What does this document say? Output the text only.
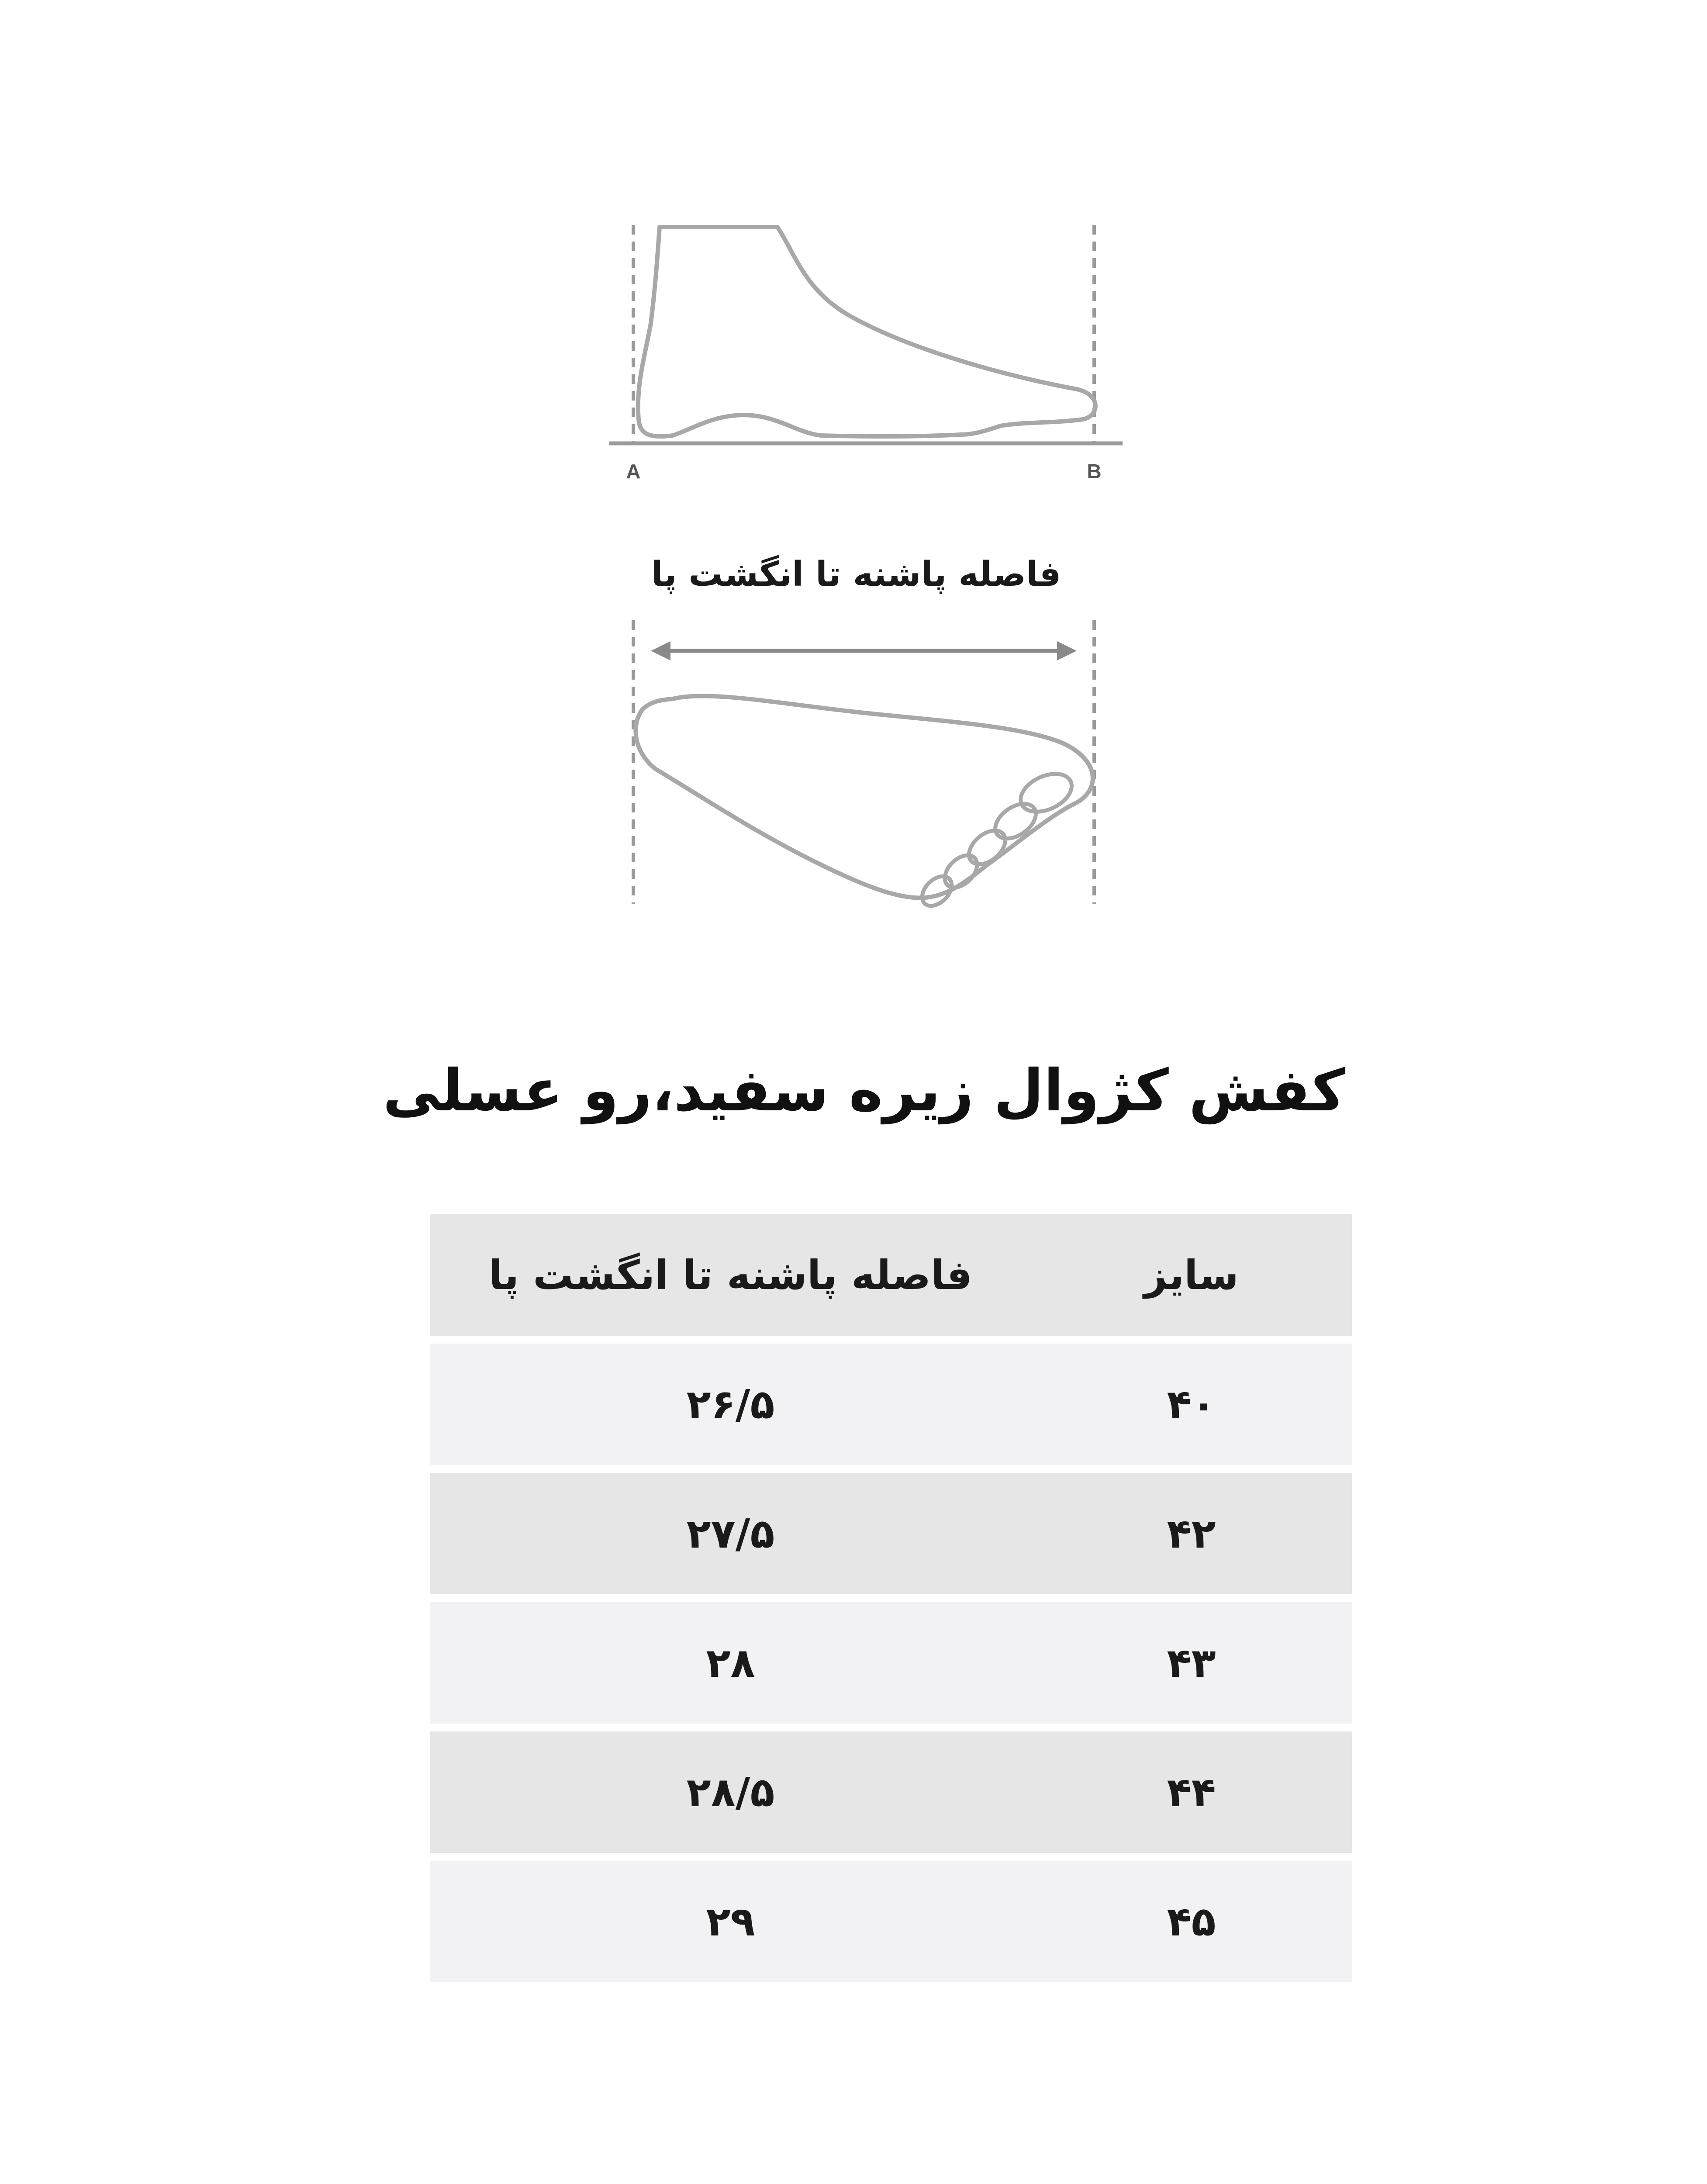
A	B
فاصله پاشنه تا انگشت پا
کفش کژوال زیره سفید،رو عسلی
سایز
فاصله پاشنه تا انگشت پا
۴۰
۲۶/۵
۴۲
۲۷/۵
۴۳
۲۸
۴۴
۲۸/۵
۴۵
۲۹
